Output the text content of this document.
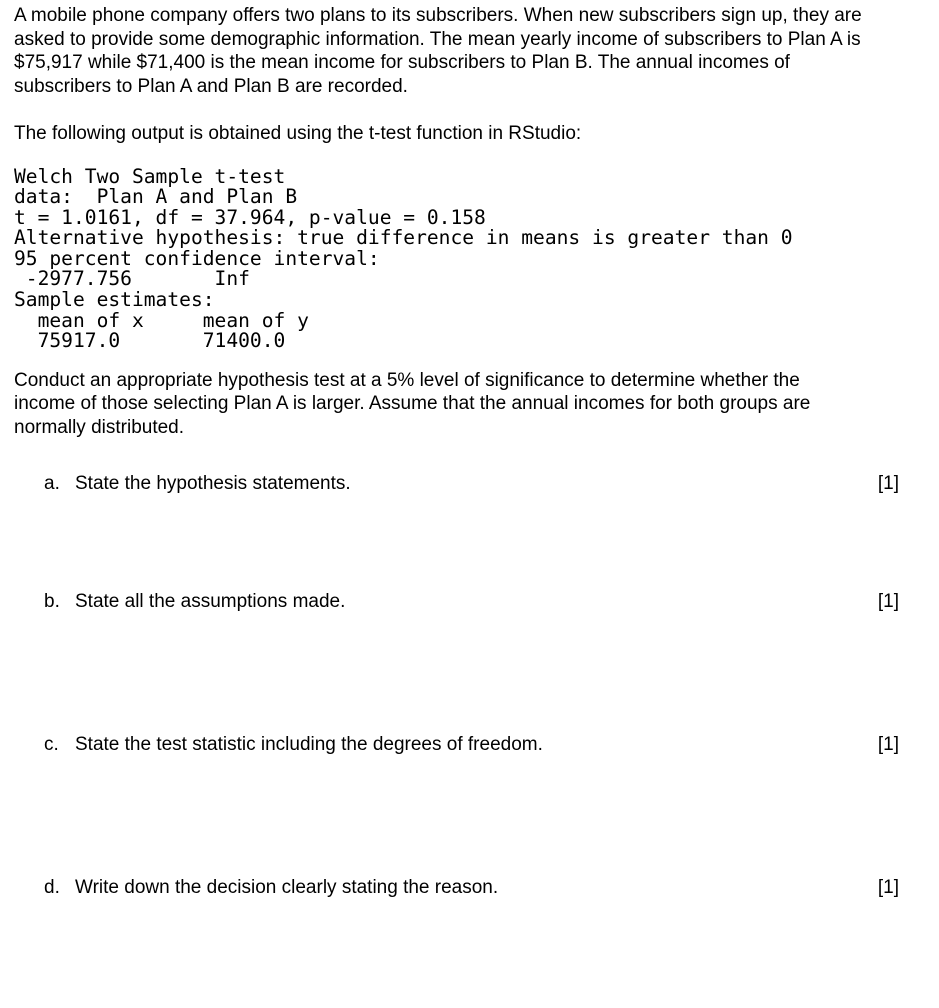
A mobile phone company offers two plans to its subscribers. When new subscribers sign up, they are
asked to provide some demographic information. The mean yearly income of subscribers to Plan A is
$75,917 while $71,400 is the mean income for subscribers to Plan B. The annual incomes of
subscribers to Plan A and Plan B are recorded.

The following output is obtained using the t-test function in RStudio:

Welch Two Sample t-test
data:  Plan A and Plan B
t = 1.0161, df = 37.964, p-value = 0.158
Alternative hypothesis: true difference in means is greater than 0
95 percent confidence interval:
-2977.756       Inf
Sample estimates:
mean of x     mean of y
75917.0       71400.0

Conduct an appropriate hypothesis test at a 5% level of significance to determine whether the
income of those selecting Plan A is larger. Assume that the annual incomes for both groups are
normally distributed.

a. State the hypothesis statements.	[1]
b. State all the assumptions made.	[1]
c. State the test statistic including the degrees of freedom.	[1]
d. Write down the decision clearly stating the reason.	[1]
